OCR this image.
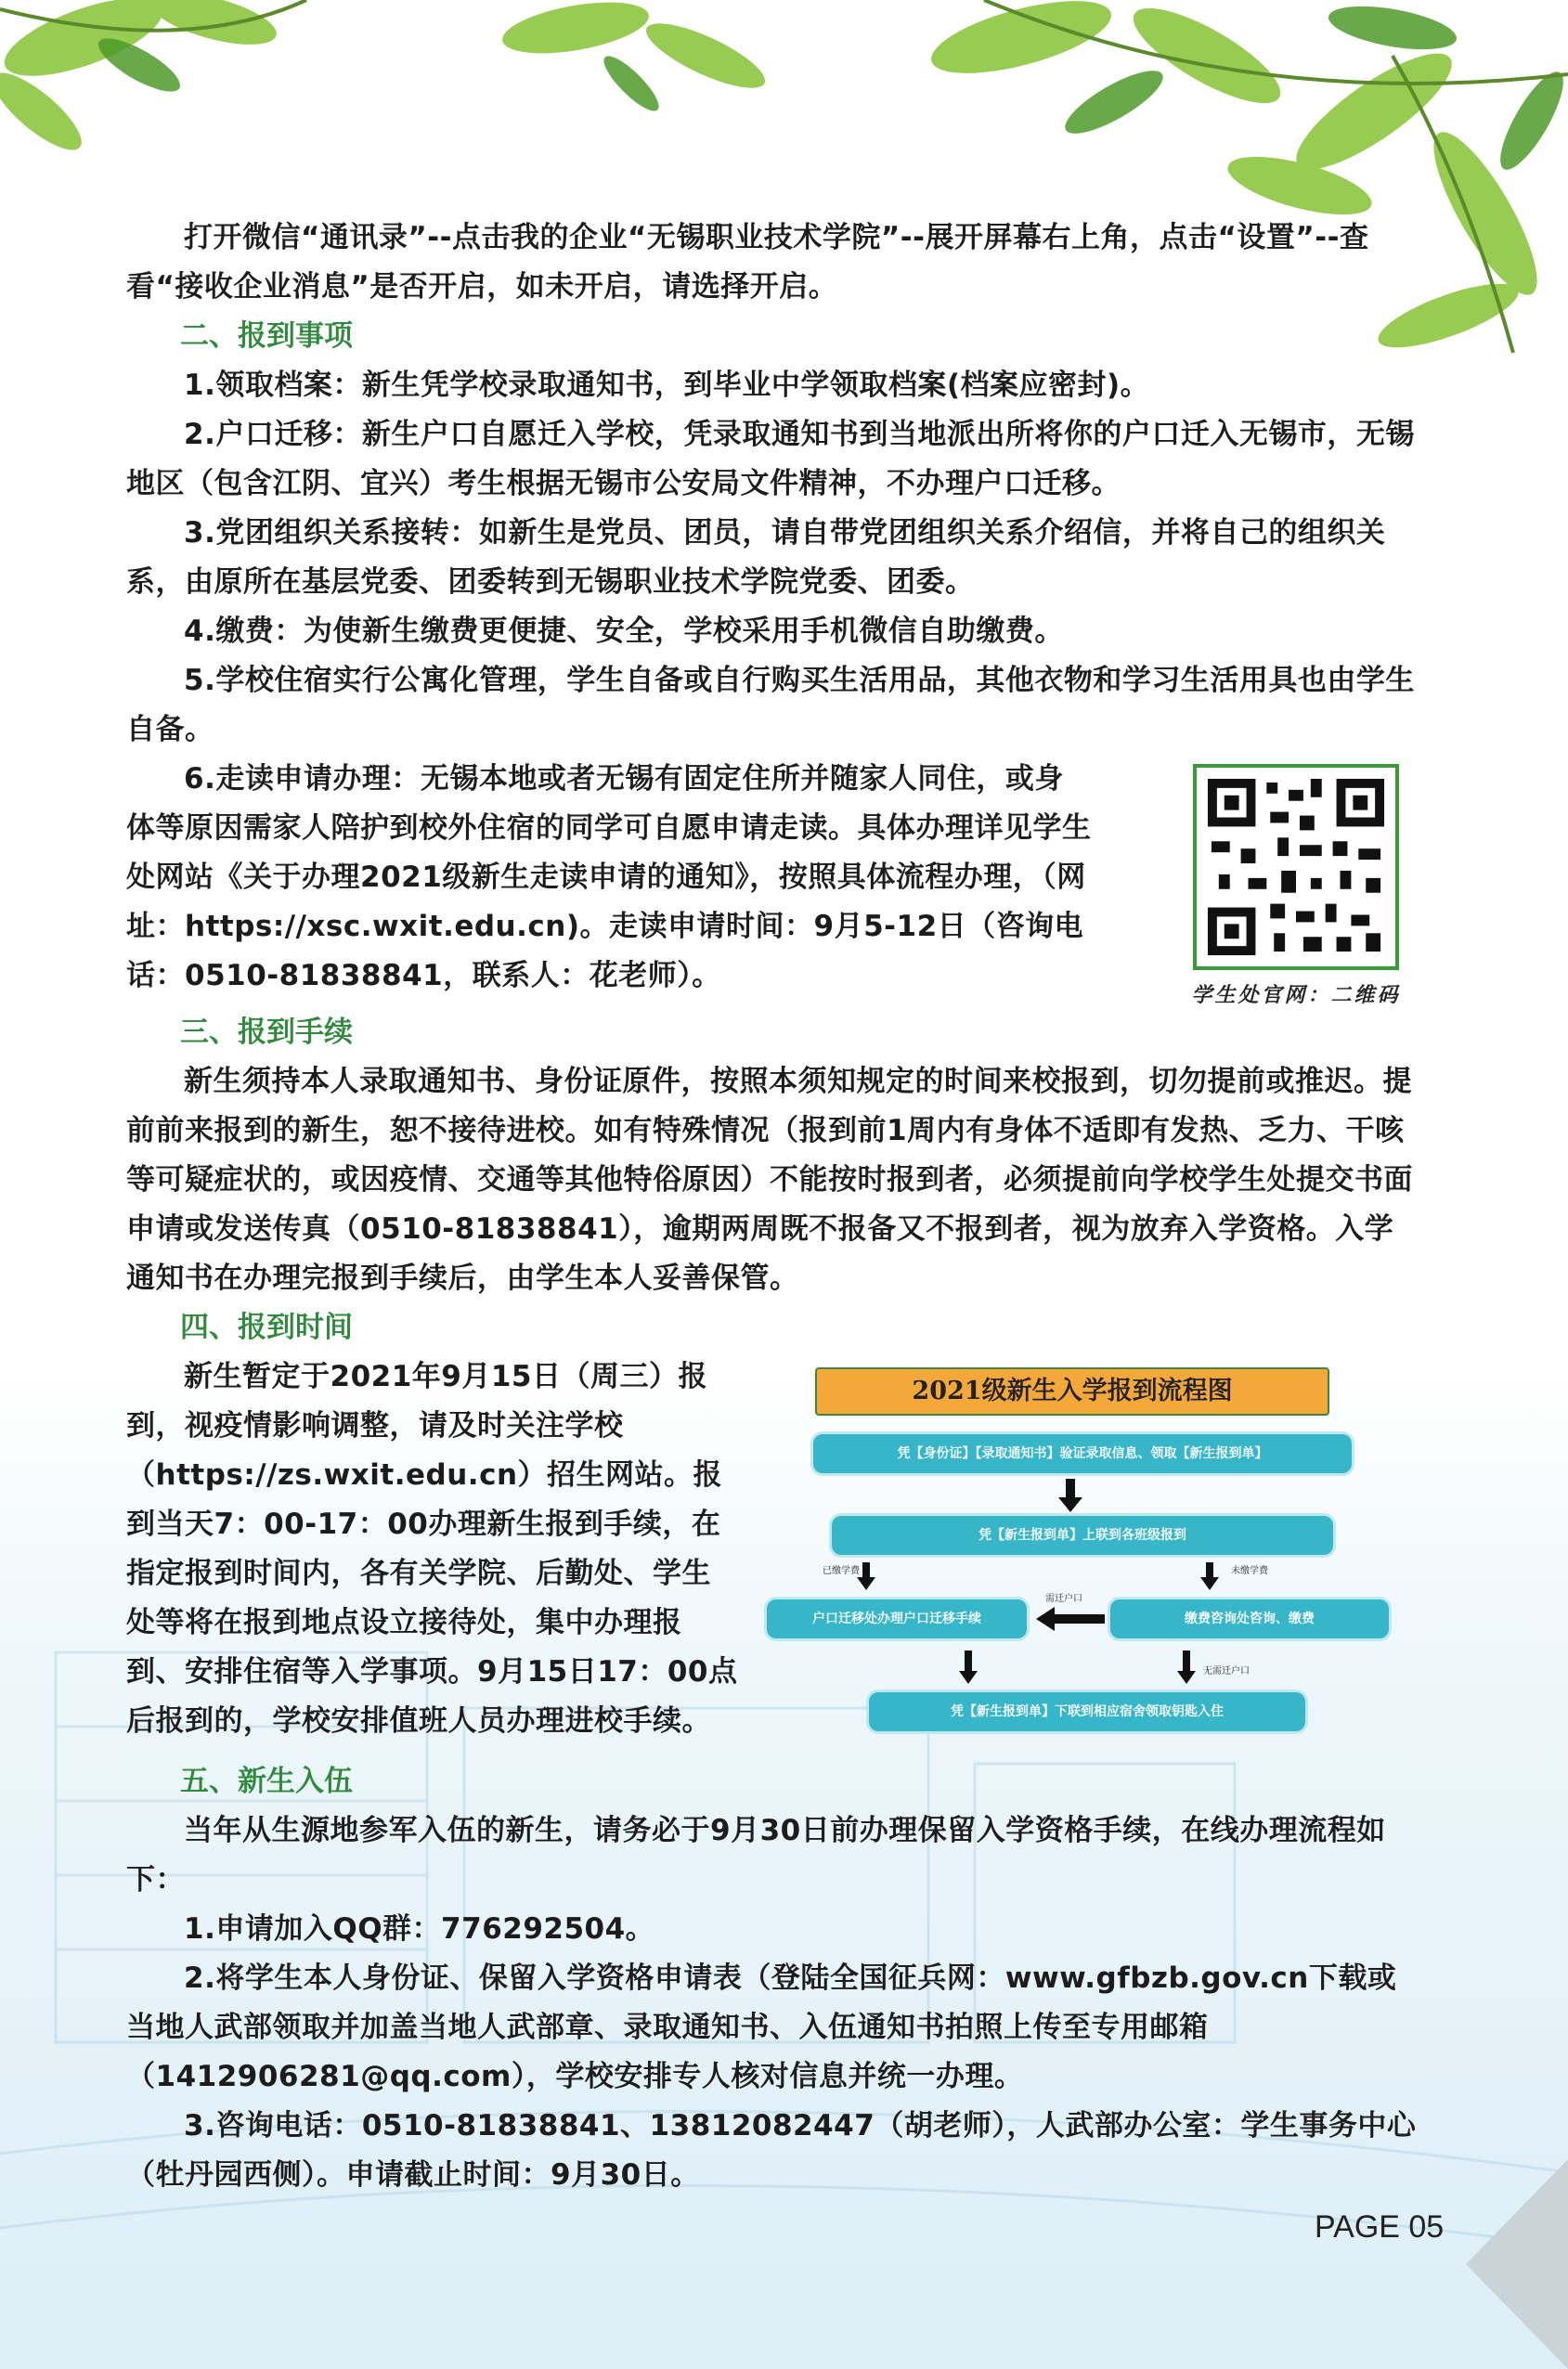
打开微信“通讯录”--点击我的企业“无锡职业技术学院”--展开屏幕右上角，点击“设置”--查看“接收企业消息”是否开启，如未开启，请选择开启。

二、报到事项

1.领取档案：新生凭学校录取通知书，到毕业中学领取档案(档案应密封)。

2.户口迁移：新生户口自愿迁入学校，凭录取通知书到当地派出所将你的户口迁入无锡市，无锡地区（包含江阴、宜兴）考生根据无锡市公安局文件精神，不办理户口迁移。

3.党团组织关系接转：如新生是党员、团员，请自带党团组织关系介绍信，并将自己的组织关系，由原所在基层党委、团委转到无锡职业技术学院党委、团委。

4.缴费：为使新生缴费更便捷、安全，学校采用手机微信自助缴费。

5.学校住宿实行公寓化管理，学生自备或自行购买生活用品，其他衣物和学习生活用具也由学生自备。

6.走读申请办理：无锡本地或者无锡有固定住所并随家人同住，或身体等原因需家人陪护到校外住宿的同学可自愿申请走读。具体办理详见学生处网站《关于办理2021级新生走读申请的通知》，按照具体流程办理，（网址：https://xsc.wxit.edu.cn)。走读申请时间：9月5-12日（咨询电话：0510-81838841，联系人：花老师）。

学生处官网：二维码

三、报到手续

新生须持本人录取通知书、身份证原件，按照本须知规定的时间来校报到，切勿提前或推迟。提前前来报到的新生，恕不接待进校。如有特殊情况（报到前1周内有身体不适即有发热、乏力、干咳等可疑症状的，或因疫情、交通等其他特俗原因）不能按时报到者，必须提前向学校学生处提交书面申请或发送传真（0510-81838841），逾期两周既不报备又不报到者，视为放弃入学资格。入学通知书在办理完报到手续后，由学生本人妥善保管。

四、报到时间

新生暂定于2021年9月15日（周三）报到，视疫情影响调整，请及时关注学校（https://zs.wxit.edu.cn）招生网站。报到当天7：00-17：00办理新生报到手续，在指定报到时间内，各有关学院、后勤处、学生处等将在报到地点设立接待处，集中办理报到、安排住宿等入学事项。9月15日17：00点后报到的，学校安排值班人员办理进校手续。

2021级新生入学报到流程图
凭【身份证】【录取通知书】验证录取信息、领取【新生报到单】
凭【新生报到单】上联到各班级报到
已缴学费	未缴学费
户口迁移处办理户口迁移手续
需迁户口
缴费咨询处咨询、缴费
无需迁户口
凭【新生报到单】下联到相应宿舍领取钥匙入住

五、新生入伍

当年从生源地参军入伍的新生，请务必于9月30日前办理保留入学资格手续，在线办理流程如下：

1.申请加入QQ群：776292504。

2.将学生本人身份证、保留入学资格申请表（登陆全国征兵网：www.gfbzb.gov.cn下载或当地人武部领取并加盖当地人武部章、录取通知书、入伍通知书拍照上传至专用邮箱（1412906281@qq.com），学校安排专人核对信息并统一办理。

3.咨询电话：0510-81838841、13812082447（胡老师），人武部办公室：学生事务中心（牡丹园西侧）。申请截止时间：9月30日。

PAGE 05
